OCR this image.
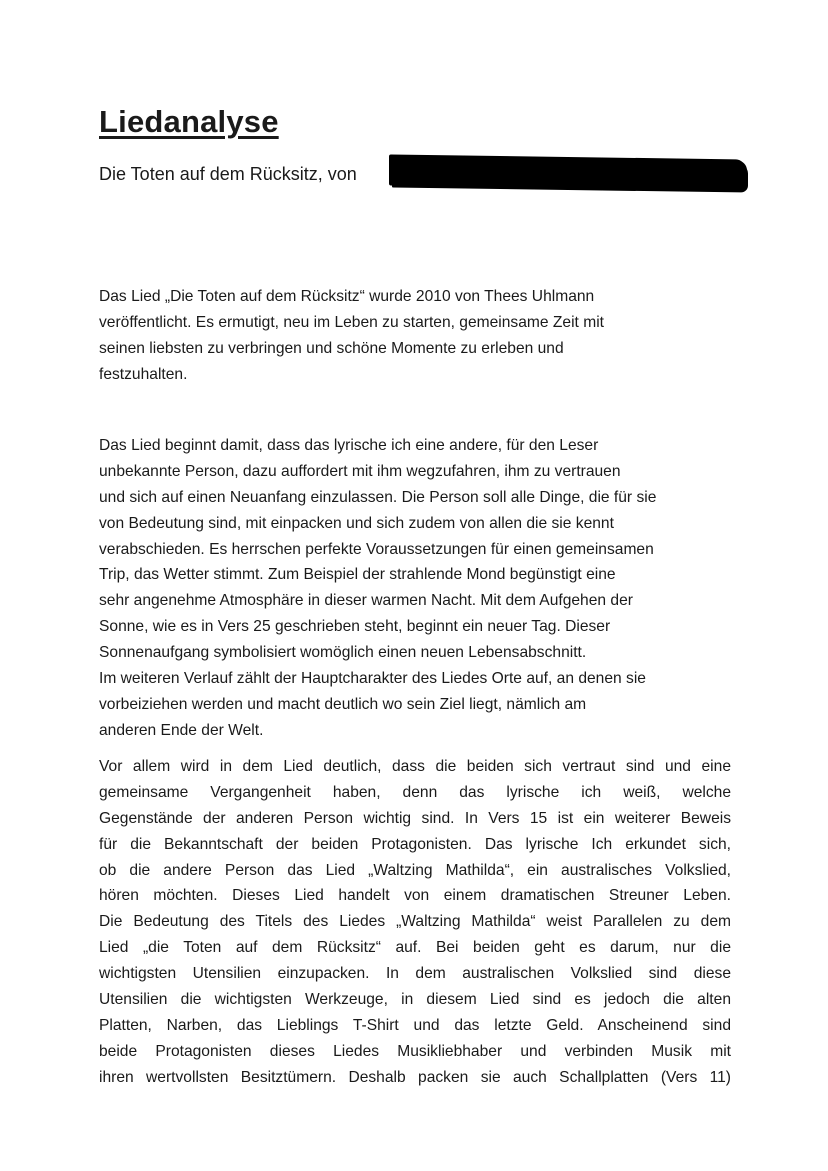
Liedanalyse
Die Toten auf dem Rücksitz, von

Das Lied „Die Toten auf dem Rücksitz“ wurde 2010 von Thees Uhlmann
veröffentlicht. Es ermutigt, neu im Leben zu starten, gemeinsame Zeit mit
seinen liebsten zu verbringen und schöne Momente zu erleben und
festzuhalten.

Das Lied beginnt damit, dass das lyrische ich eine andere, für den Leser
unbekannte Person, dazu auffordert mit ihm wegzufahren, ihm zu vertrauen
und sich auf einen Neuanfang einzulassen. Die Person soll alle Dinge, die für sie
von Bedeutung sind, mit einpacken und sich zudem von allen die sie kennt
verabschieden. Es herrschen perfekte Voraussetzungen für einen gemeinsamen
Trip, das Wetter stimmt. Zum Beispiel der strahlende Mond begünstigt eine
sehr angenehme Atmosphäre in dieser warmen Nacht. Mit dem Aufgehen der
Sonne, wie es in Vers 25 geschrieben steht, beginnt ein neuer Tag. Dieser
Sonnenaufgang symbolisiert womöglich einen neuen Lebensabschnitt.
Im weiteren Verlauf zählt der Hauptcharakter des Liedes Orte auf, an denen sie
vorbeiziehen werden und macht deutlich wo sein Ziel liegt, nämlich am
anderen Ende der Welt.

Vor allem wird in dem Lied deutlich, dass die beiden sich vertraut sind und eine
gemeinsame Vergangenheit haben, denn das lyrische ich weiß, welche
Gegenstände der anderen Person wichtig sind. In Vers 15 ist ein weiterer Beweis
für die Bekanntschaft der beiden Protagonisten. Das lyrische Ich erkundet sich,
ob die andere Person das Lied „Waltzing Mathilda“, ein australisches Volkslied,
hören möchten. Dieses Lied handelt von einem dramatischen Streuner Leben.
Die Bedeutung des Titels des Liedes „Waltzing Mathilda“ weist Parallelen zu dem
Lied „die Toten auf dem Rücksitz“ auf. Bei beiden geht es darum, nur die
wichtigsten Utensilien einzupacken. In dem australischen Volkslied sind diese
Utensilien die wichtigsten Werkzeuge, in diesem Lied sind es jedoch die alten
Platten, Narben, das Lieblings T-Shirt und das letzte Geld. Anscheinend sind
beide Protagonisten dieses Liedes Musikliebhaber und verbinden Musik mit
ihren wertvollsten Besitztümern. Deshalb packen sie auch Schallplatten (Vers 11)
